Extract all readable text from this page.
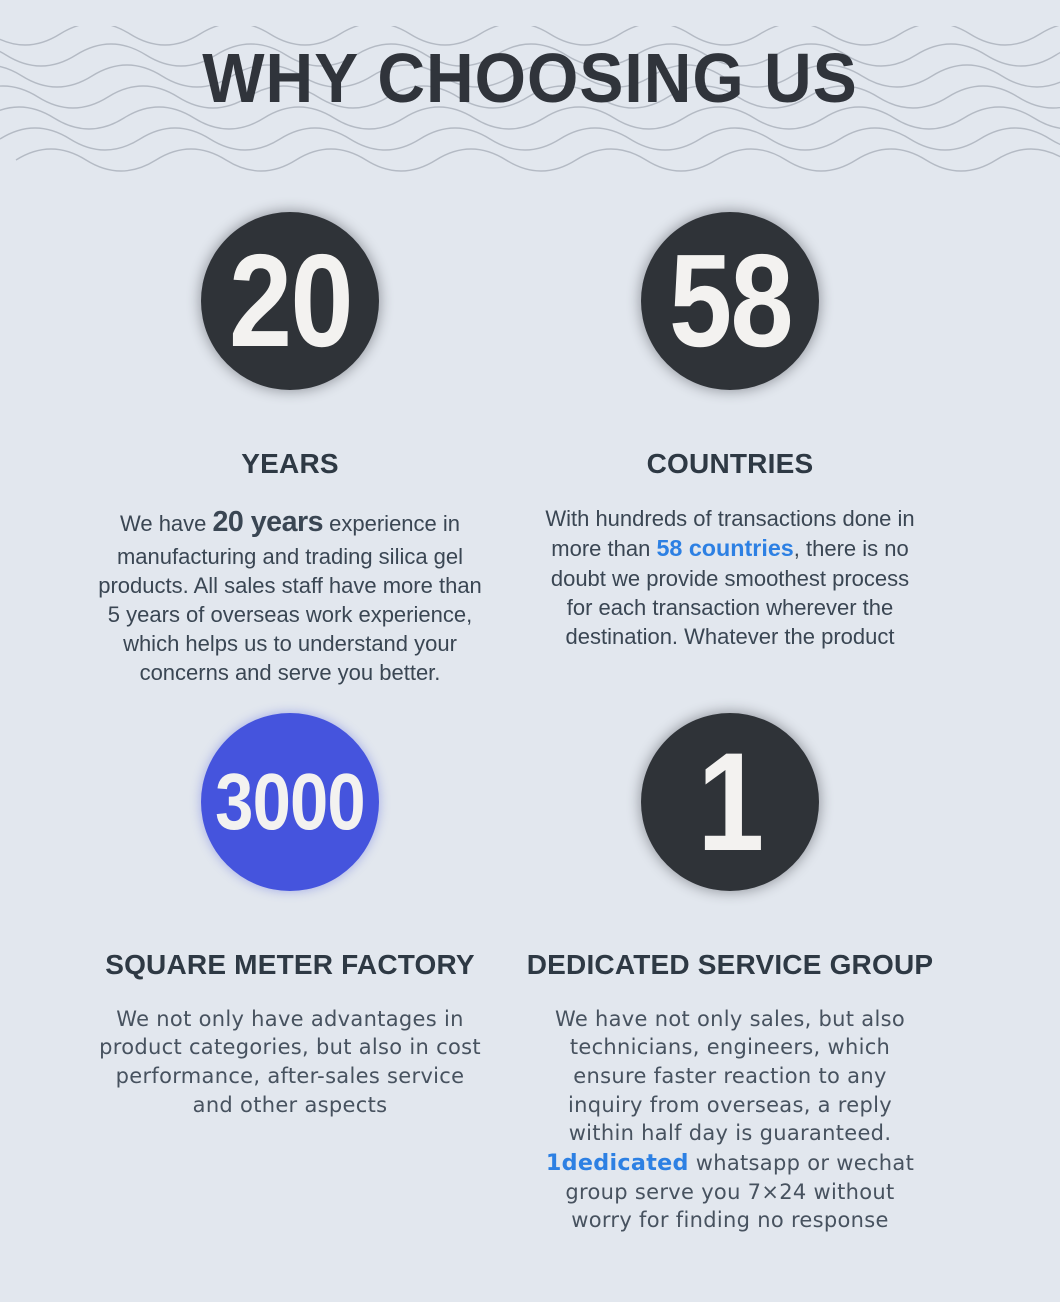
WHY CHOOSING US
20
YEARS

We have 20 years experience in manufacturing and trading silica gel products. All sales staff have more than 5 years of overseas work experience, which helps us to understand your concerns and serve you better.

58
COUNTRIES

With hundreds of transactions done in more than 58 countries, there is no doubt we provide smoothest process for each transaction wherever the destination. Whatever the product

3000
SQUARE METER FACTORY

We not only have advantages in product categories, but also in cost performance, after-sales service and other aspects

1
DEDICATED SERVICE GROUP

We have not only sales, but also technicians, engineers, which ensure faster reaction to any inquiry from overseas, a reply within half day is guaranteed. 1dedicated whatsapp or wechat group serve you 7×24 without worry for finding no response
